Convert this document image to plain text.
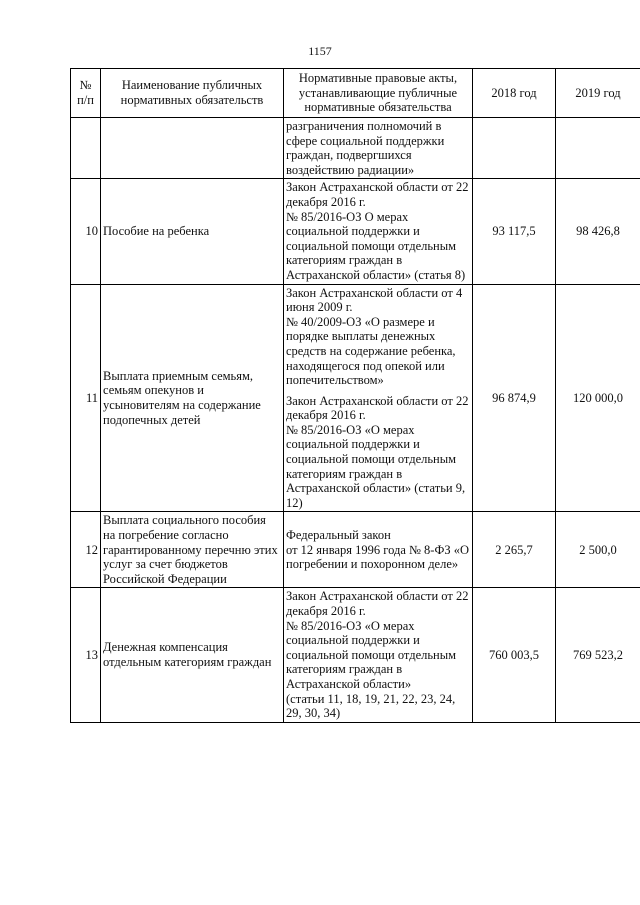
1157
№
п/п	Наименование публичных нормативных обязательств	Нормативные правовые акты, устанавливающие публичные нормативные обязательства	2018 год	2019 год

		разграничения полномочий в сфере социальной поддержки граждан, подвергшихся воздействию радиации»		

10	Пособие на ребенка	Закон Астраханской области от 22 декабря 2016 г.
№ 85/2016-ОЗ О мерах социальной поддержки и социальной помощи отдельным категориям граждан в Астраханской области» (статья 8)	93 117,5	98 426,8
11	Выплата приемным семьям, семьям опекунов и усыновителям на содержание подопечных детей	Закон Астраханской области от 4 июня 2009 г.
№ 40/2009-ОЗ «О размере и порядке выплаты денежных средств на содержание ребенка, находящегося под опекой или попечительством»
Закон Астраханской области от 22 декабря 2016 г.
№ 85/2016-ОЗ «О мерах социальной поддержки и социальной помощи отдельным категориям граждан в Астраханской области» (статьи 9, 12)	96 874,9	120 000,0
12	Выплата социального пособия на погребение согласно гарантированному перечню этих услуг за счет бюджетов Российской Федерации	Федеральный закон
от 12 января 1996 года № 8-ФЗ «О погребении и похоронном деле»	2 265,7	2 500,0
13	Денежная компенсация отдельным категориям граждан	Закон Астраханской области от 22 декабря 2016 г.
№ 85/2016-ОЗ «О мерах социальной поддержки и социальной помощи отдельным категориям граждан в Астраханской области»
(статьи 11, 18, 19, 21, 22, 23, 24, 29, 30, 34)	760 003,5	769 523,2
